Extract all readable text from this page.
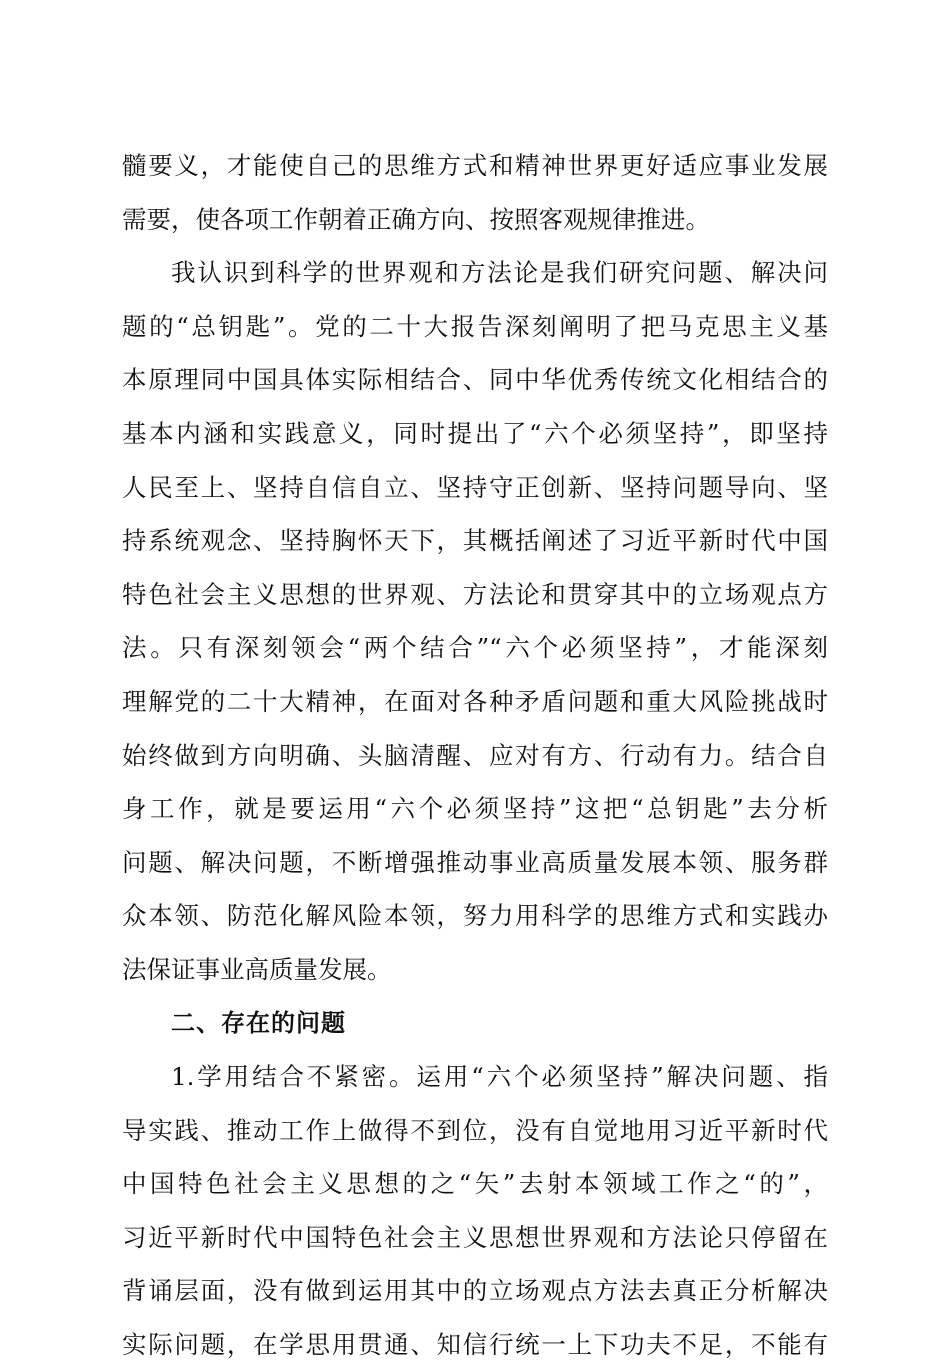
髓要义，才能使自己的思维方式和精神世界更好适应事业发展
需要，使各项工作朝着正确方向、按照客观规律推进。
我认识到科学的世界观和方法论是我们研究问题、解决问
题的“总钥匙”。党的二十大报告深刻阐明了把马克思主义基
本原理同中国具体实际相结合、同中华优秀传统文化相结合的
基本内涵和实践意义，同时提出了“六个必须坚持”，即坚持
人民至上、坚持自信自立、坚持守正创新、坚持问题导向、坚
持系统观念、坚持胸怀天下，其概括阐述了习近平新时代中国
特色社会主义思想的世界观、方法论和贯穿其中的立场观点方
法。只有深刻领会“两个结合”“六个必须坚持”，才能深刻
理解党的二十大精神，在面对各种矛盾问题和重大风险挑战时
始终做到方向明确、头脑清醒、应对有方、行动有力。结合自
身工作，就是要运用“六个必须坚持”这把“总钥匙”去分析
问题、解决问题，不断增强推动事业高质量发展本领、服务群
众本领、防范化解风险本领，努力用科学的思维方式和实践办
法保证事业高质量发展。
二、存在的问题
1.学用结合不紧密。运用“六个必须坚持”解决问题、指
导实践、推动工作上做得不到位，没有自觉地用习近平新时代
中国特色社会主义思想的之“矢”去射本领域工作之“的”，
习近平新时代中国特色社会主义思想世界观和方法论只停留在
背诵层面，没有做到运用其中的立场观点方法去真正分析解决
实际问题，在学思用贯通、知信行统一上下功夫不足，不能有
